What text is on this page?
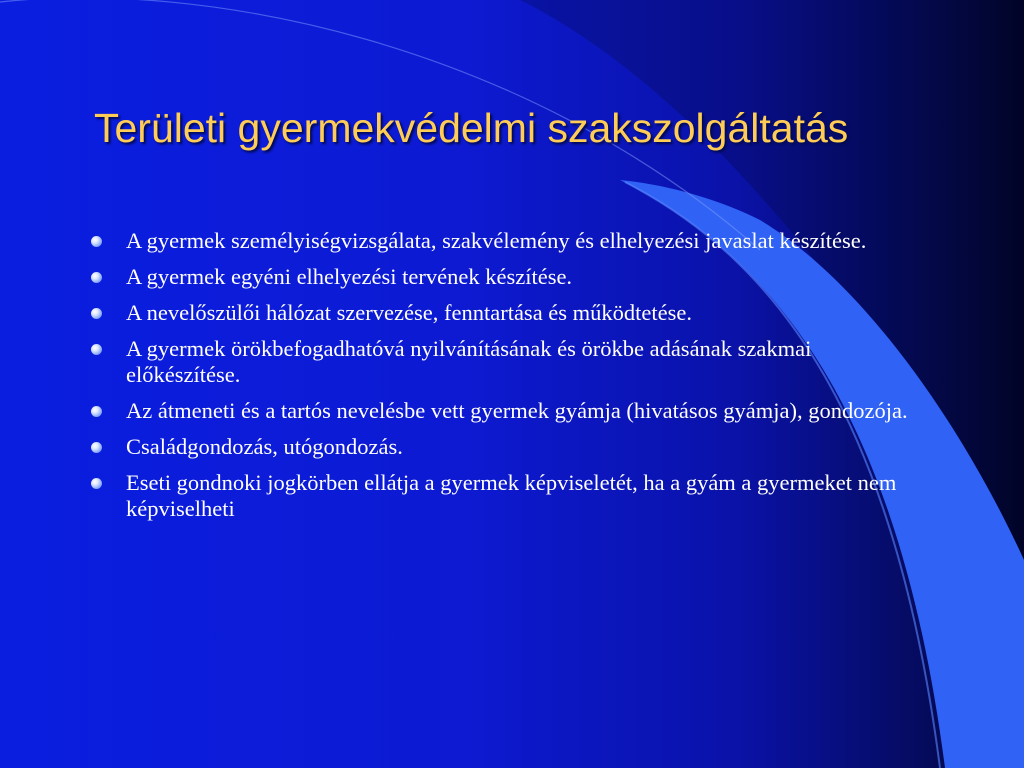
Területi gyermekvédelmi szakszolgáltatás
A gyermek személyiségvizsgálata, szakvélemény és elhelyezési javaslat készítése.
A gyermek egyéni elhelyezési tervének készítése.
A nevelőszülői hálózat szervezése, fenntartása és működtetése.
A gyermek örökbefogadhatóvá nyilvánításának és örökbe adásának szakmai előkészítése.
Az átmeneti és a tartós nevelésbe vett gyermek gyámja (hivatásos gyámja), gondozója.
Családgondozás, utógondozás.
Eseti gondnoki jogkörben ellátja a gyermek képviseletét, ha a gyám a gyermeket nem képviselheti
